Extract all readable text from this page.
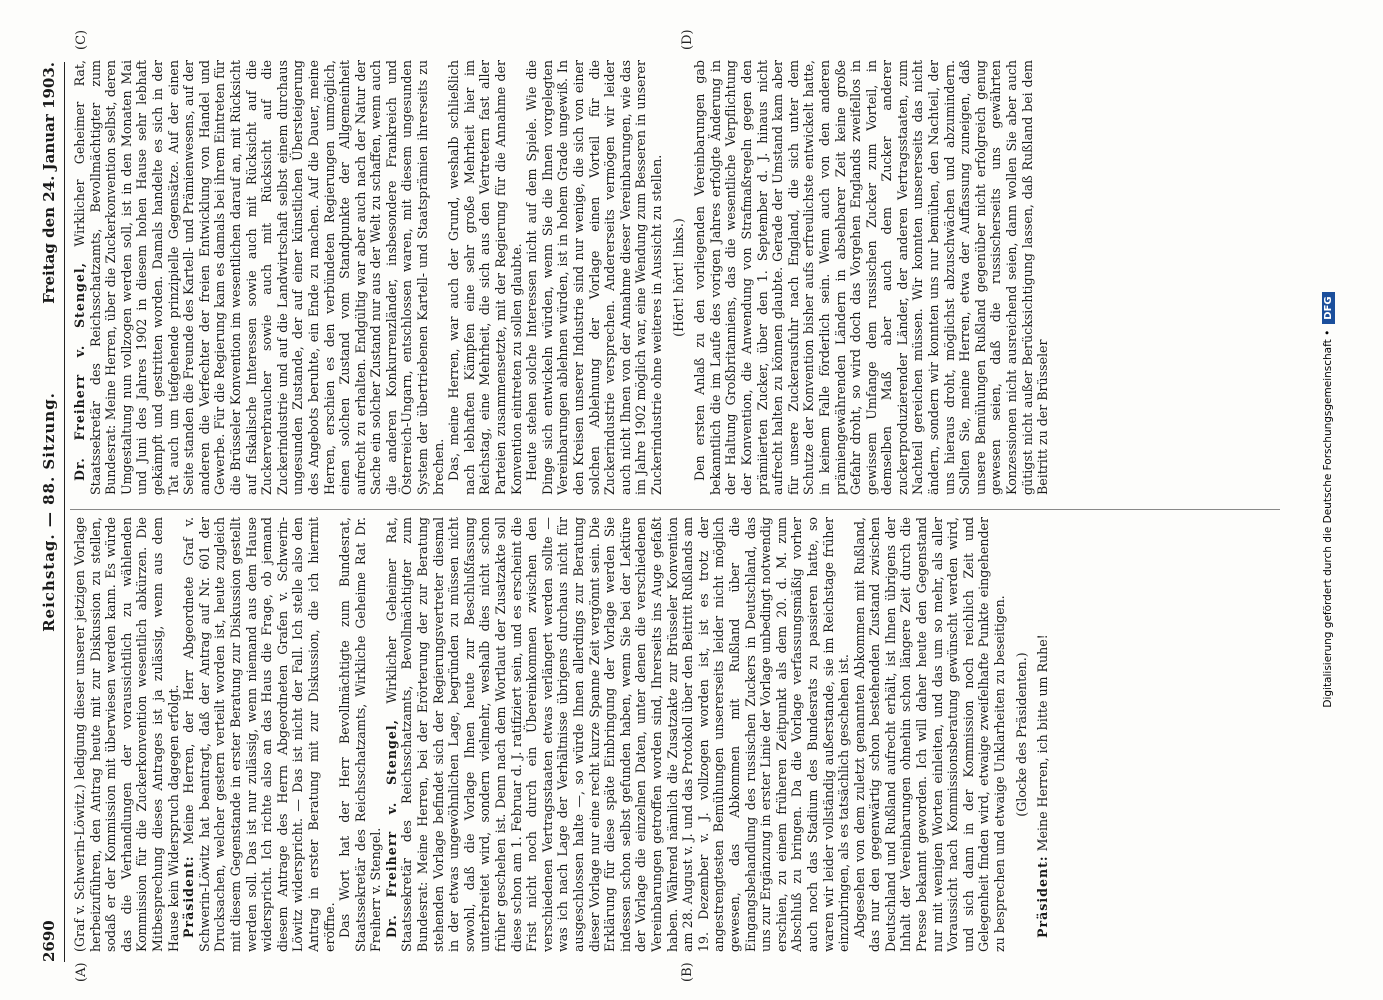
2690
Reichstag. — 88. Sitzung.
Freitag den 24. Januar 1903.
(A)	(B)
(C)	(D)

(Graf v. Schwerin-Löwitz.) ledigung dieser unserer jetzigen Vorlage herbeizuführen, den Antrag heute mit zur Diskussion zu stellen, sodaß er der Kommission mit überwiesen werden kann. Es würde das die Verhandlungen der voraussichtlich zu wählenden Kommission für die Zuckerkonvention wesentlich abkürzen. Die Mitbesprechung dieses Antrages ist ja zulässig, wenn aus dem Hause kein Widerspruch dagegen erfolgt. Präsident: Meine Herren, der Herr Abgeordnete Graf v. Schwerin-Löwitz hat beantragt, daß der Antrag auf Nr. 601 der Drucksachen, welcher gestern verteilt worden ist, heute zugleich mit diesem Gegenstande in erster Beratung zur Diskussion gestellt werden soll. Das ist nur zulässig, wenn niemand aus dem Hause widerspricht. Ich richte also an das Haus die Frage, ob jemand diesem Antrage des Herrn Abgeordneten Grafen v. Schwerin-Löwitz widerspricht. — Das ist nicht der Fall. Ich stelle also den Antrag in erster Beratung mit zur Diskussion, die ich hiermit eröffne. Das Wort hat der Herr Bevollmächtigte zum Bundesrat, Staatssekretär des Reichsschatzamts, Wirkliche Geheime Rat Dr. Freiherr v. Stengel. Dr. Freiherr v. Stengel, Wirklicher Geheimer Rat, Staatssekretär des Reichsschatzamts, Bevollmächtigter zum Bundesrat: Meine Herren, bei der Erörterung der zur Beratung stehenden Vorlage befindet sich der Regierungsvertreter diesmal in der etwas ungewöhnlichen Lage, begründen zu müssen nicht sowohl, daß die Vorlage Ihnen heute zur Beschlußfassung unterbreitet wird, sondern vielmehr, weshalb dies nicht schon früher geschehen ist. Denn nach dem Wortlaut der Zusatzakte soll diese schon am 1. Februar d. J. ratifiziert sein, und es erscheint die Frist nicht noch durch ein Übereinkommen zwischen den verschiedenen Vertragsstaaten etwas verlängert werden sollte — was ich nach Lage der Verhältnisse übrigens durchaus nicht für ausgeschlossen halte —, so würde Ihnen allerdings zur Beratung dieser Vorlage nur eine recht kurze Spanne Zeit vergönnt sein. Die Erklärung für diese späte Einbringung der Vorlage werden Sie indessen schon selbst gefunden haben, wenn Sie bei der Lektüre der Vorlage die einzelnen Daten, unter denen die verschiedenen Vereinbarungen getroffen worden sind, Ihrerseits ins Auge gefaßt haben. Während nämlich die Zusatzakte zur Brüsseler Konvention am 28. August v. J. und das Protokoll über den Beitritt Rußlands am 19. Dezember v. J. vollzogen worden ist, ist es trotz der angestrengtesten Bemühungen unsererseits leider nicht möglich gewesen, das Abkommen mit Rußland über die Eingangsbehandlung des russischen Zuckers in Deutschland, das uns zur Ergänzung in erster Linie der Vorlage unbedingt notwendig erschien, zu einem früheren Zeitpunkt als dem 20. d. M. zum Abschluß zu bringen. Da die Vorlage verfassungsmäßig vorher auch noch das Stadium des Bundesrats zu passieren hatte, so waren wir leider vollständig außerstande, sie im Reichstage früher einzubringen, als es tatsächlich geschehen ist. Abgesehen von dem zuletzt genannten Abkommen mit Rußland, das nur den gegenwärtig schon bestehenden Zustand zwischen Deutschland und Rußland aufrecht erhält, ist Ihnen übrigens der Inhalt der Vereinbarungen ohnehin schon längere Zeit durch die Presse bekannt geworden. Ich will daher heute den Gegenstand nur mit wenigen Worten einleiten, und das um so mehr, als aller Voraussicht nach Kommissionsberatung gewünscht werden wird, und sich dann in der Kommission noch reichlich Zeit und Gelegenheit finden wird, etwaige zweifelhafte Punkte eingehender zu besprechen und etwaige Unklarheiten zu beseitigen. (Glocke des Präsidenten.)

Präsident: Meine Herren, ich bitte um Ruhe!

Dr. Freiherr v. Stengel, Wirklicher Geheimer Rat, Staatssekretär des Reichsschatzamts, Bevollmächtigter zum Bundesrat: Meine Herren, über die Zuckerkonvention selbst, deren Umgestaltung nun vollzogen werden soll, ist in den Monaten Mai und Juni des Jahres 1902 in diesem hohen Hause sehr lebhaft gekämpft und gestritten worden. Damals handelte es sich in der Tat auch um tiefgehende prinzipielle Gegensätze. Auf der einen Seite standen die Freunde des Kartell- und Prämienwesens, auf der anderen die Verfechter der freien Entwicklung von Handel und Gewerbe. Für die Regierung kam es damals bei ihrem Eintreten für die Brüsseler Konvention im wesentlichen darauf an, mit Rücksicht auf fiskalische Interessen sowie auch mit Rücksicht auf die Zuckerverbraucher sowie auch mit Rücksicht auf die Zuckerindustrie und auf die Landwirtschaft selbst einem durchaus ungesunden Zustande, der auf einer künstlichen Übersteigerung des Angebots beruhte, ein Ende zu machen. Auf die Dauer, meine Herren, erschien es den verbündeten Regierungen unmöglich, einen solchen Zustand vom Standpunkte der Allgemeinheit aufrecht zu erhalten. Endgültig war aber auch nach der Natur der Sache ein solcher Zustand nur aus der Welt zu schaffen, wenn auch die anderen Konkurrenzländer, insbesondere Frankreich und Österreich-Ungarn, entschlossen waren, mit diesem ungesunden System der übertriebenen Kartell- und Staatsprämien ihrerseits zu brechen. Das, meine Herren, war auch der Grund, weshalb schließlich nach lebhaften Kämpfen eine sehr große Mehrheit hier im Reichstag, eine Mehrheit, die sich aus den Vertretern fast aller Parteien zusammensetzte, mit der Regierung für die Annahme der Konvention eintreten zu sollen glaubte. Heute stehen solche Interessen nicht auf dem Spiele. Wie die Dinge sich entwickeln würden, wenn Sie die Ihnen vorgelegten Vereinbarungen ablehnen würden, ist in hohem Grade ungewiß. In den Kreisen unserer Industrie sind nur wenige, die sich von einer solchen Ablehnung der Vorlage einen Vorteil für die Zuckerindustrie versprechen. Andererseits vermögen wir leider auch nicht Ihnen von der Annahme dieser Vereinbarungen, wie das im Jahre 1902 möglich war, eine Wendung zum Besseren in unserer Zuckerindustrie ohne weiteres in Aussicht zu stellen. (Hört! hört! links.) Den ersten Anlaß zu den vorliegenden Vereinbarungen gab bekanntlich die im Laufe des vorigen Jahres erfolgte Änderung in der Haltung Großbritanniens, das die wesentliche Verpflichtung der Konvention, die Anwendung von Strafmaßregeln gegen den prämiierten Zucker, über den 1. September d. J. hinaus nicht aufrecht halten zu können glaubte. Gerade der Umstand kam aber für unsere Zuckerausfuhr nach England, die sich unter dem Schutze der Konvention bisher aufs erfreulichste entwickelt hatte, in keinem Falle förderlich sein. Wenn auch von den anderen prämiengewährenden Ländern in absehbarer Zeit keine große Gefahr droht, so wird doch das Vorgehen Englands zweifellos in gewissem Umfange dem russischen Zucker zum Vorteil, in demselben Maß aber auch dem Zucker anderer zuckerproduzierender Länder, der anderen Vertragsstaaten, zum Nachteil gereichen müssen. Wir konnten unsererseits das nicht ändern, sondern wir konnten uns nur bemühen, den Nachteil, der uns hieraus droht, möglichst abzuschwächen und abzumindern. Sollten Sie, meine Herren, etwa der Auffassung zuneigen, daß unsere Bemühungen Rußland gegenüber nicht erfolgreich genug gewesen seien, daß die russischerseits uns gewährten Konzessionen nicht ausreichend seien, dann wollen Sie aber auch gütigst nicht außer Berücksichtigung lassen, daß Rußland bei dem Beitritt zu der Brüsseler	Digitalisierung gefördert durch die Deutsche Forschungsgemeinschaft •DFG
